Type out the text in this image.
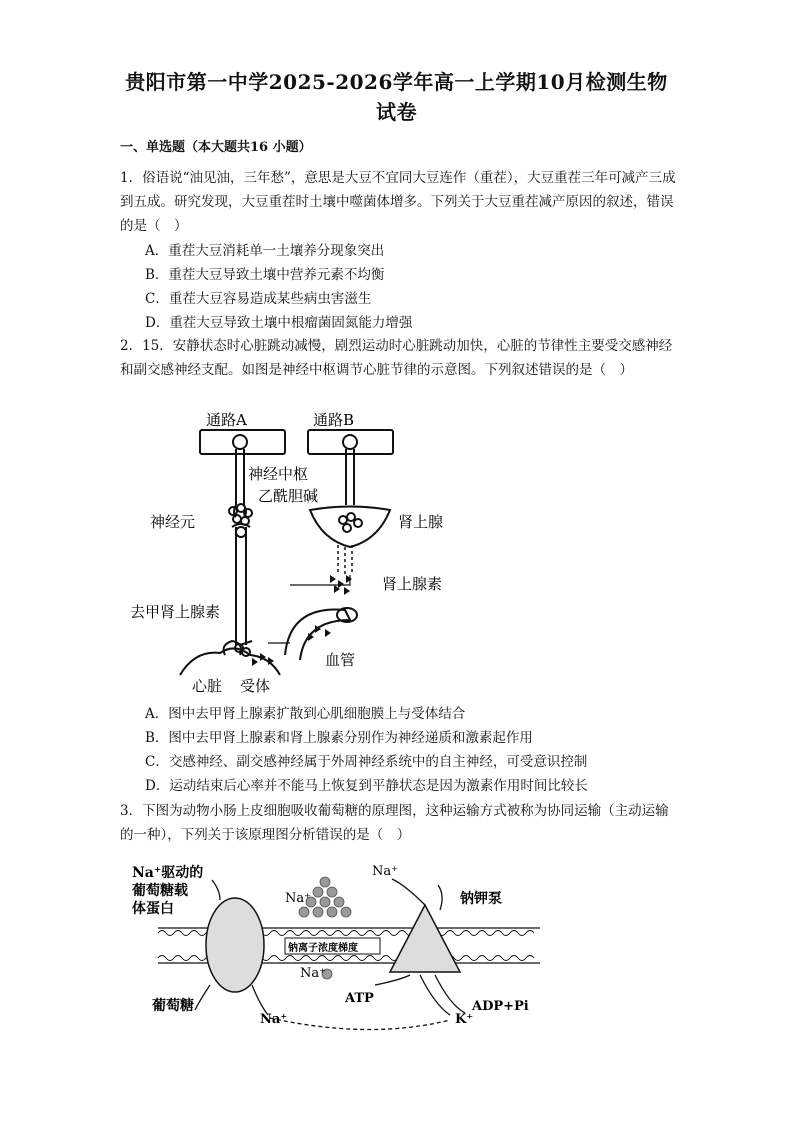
贵阳市第一中学2025-2026学年高一上学期10月检测生物
试卷
一、单选题（本大题共16 小题）
1．俗语说“油见油，三年愁”，意思是大豆不宜同大豆连作（重茬），大豆重茬三年可减产三成到五成。研究发现，大豆重茬时土壤中噬菌体增多。下列关于大豆重茬减产原因的叙述，错误的是（　）
A．重茬大豆消耗单一土壤养分现象突出
B．重茬大豆导致土壤中营养元素不均衡
C．重茬大豆容易造成某些病虫害滋生
D．重茬大豆导致土壤中根瘤菌固氮能力增强
2．15．安静状态时心脏跳动减慢，剧烈运动时心脏跳动加快，心脏的节律性主要受交感神经和副交感神经支配。如图是神经中枢调节心脏节律的示意图。下列叙述错误的是（　）
通路A	通路B
神经中枢
乙酰胆碱
神经元	肾上腺
肾上腺素
去甲肾上腺素
血管
心脏 受体
A．图中去甲肾上腺素扩散到心肌细胞膜上与受体结合
B．图中去甲肾上腺素和肾上腺素分别作为神经递质和激素起作用
C．交感神经、副交感神经属于外周神经系统中的自主神经，可受意识控制
D．运动结束后心率并不能马上恢复到平静状态是因为激素作用时间比较长
3．下图为动物小肠上皮细胞吸收葡萄糖的原理图，这种运输方式被称为协同运输（主动运输的一种），下列关于该原理图分析错误的是（　）
Na⁺驱动的
葡萄糖载
体蛋白
Na⁺
Na⁺	钠钾泵
钠离子浓度梯度
Na⁺
ATP
ADP+Pi
K⁺
葡萄糖
Na⁺
